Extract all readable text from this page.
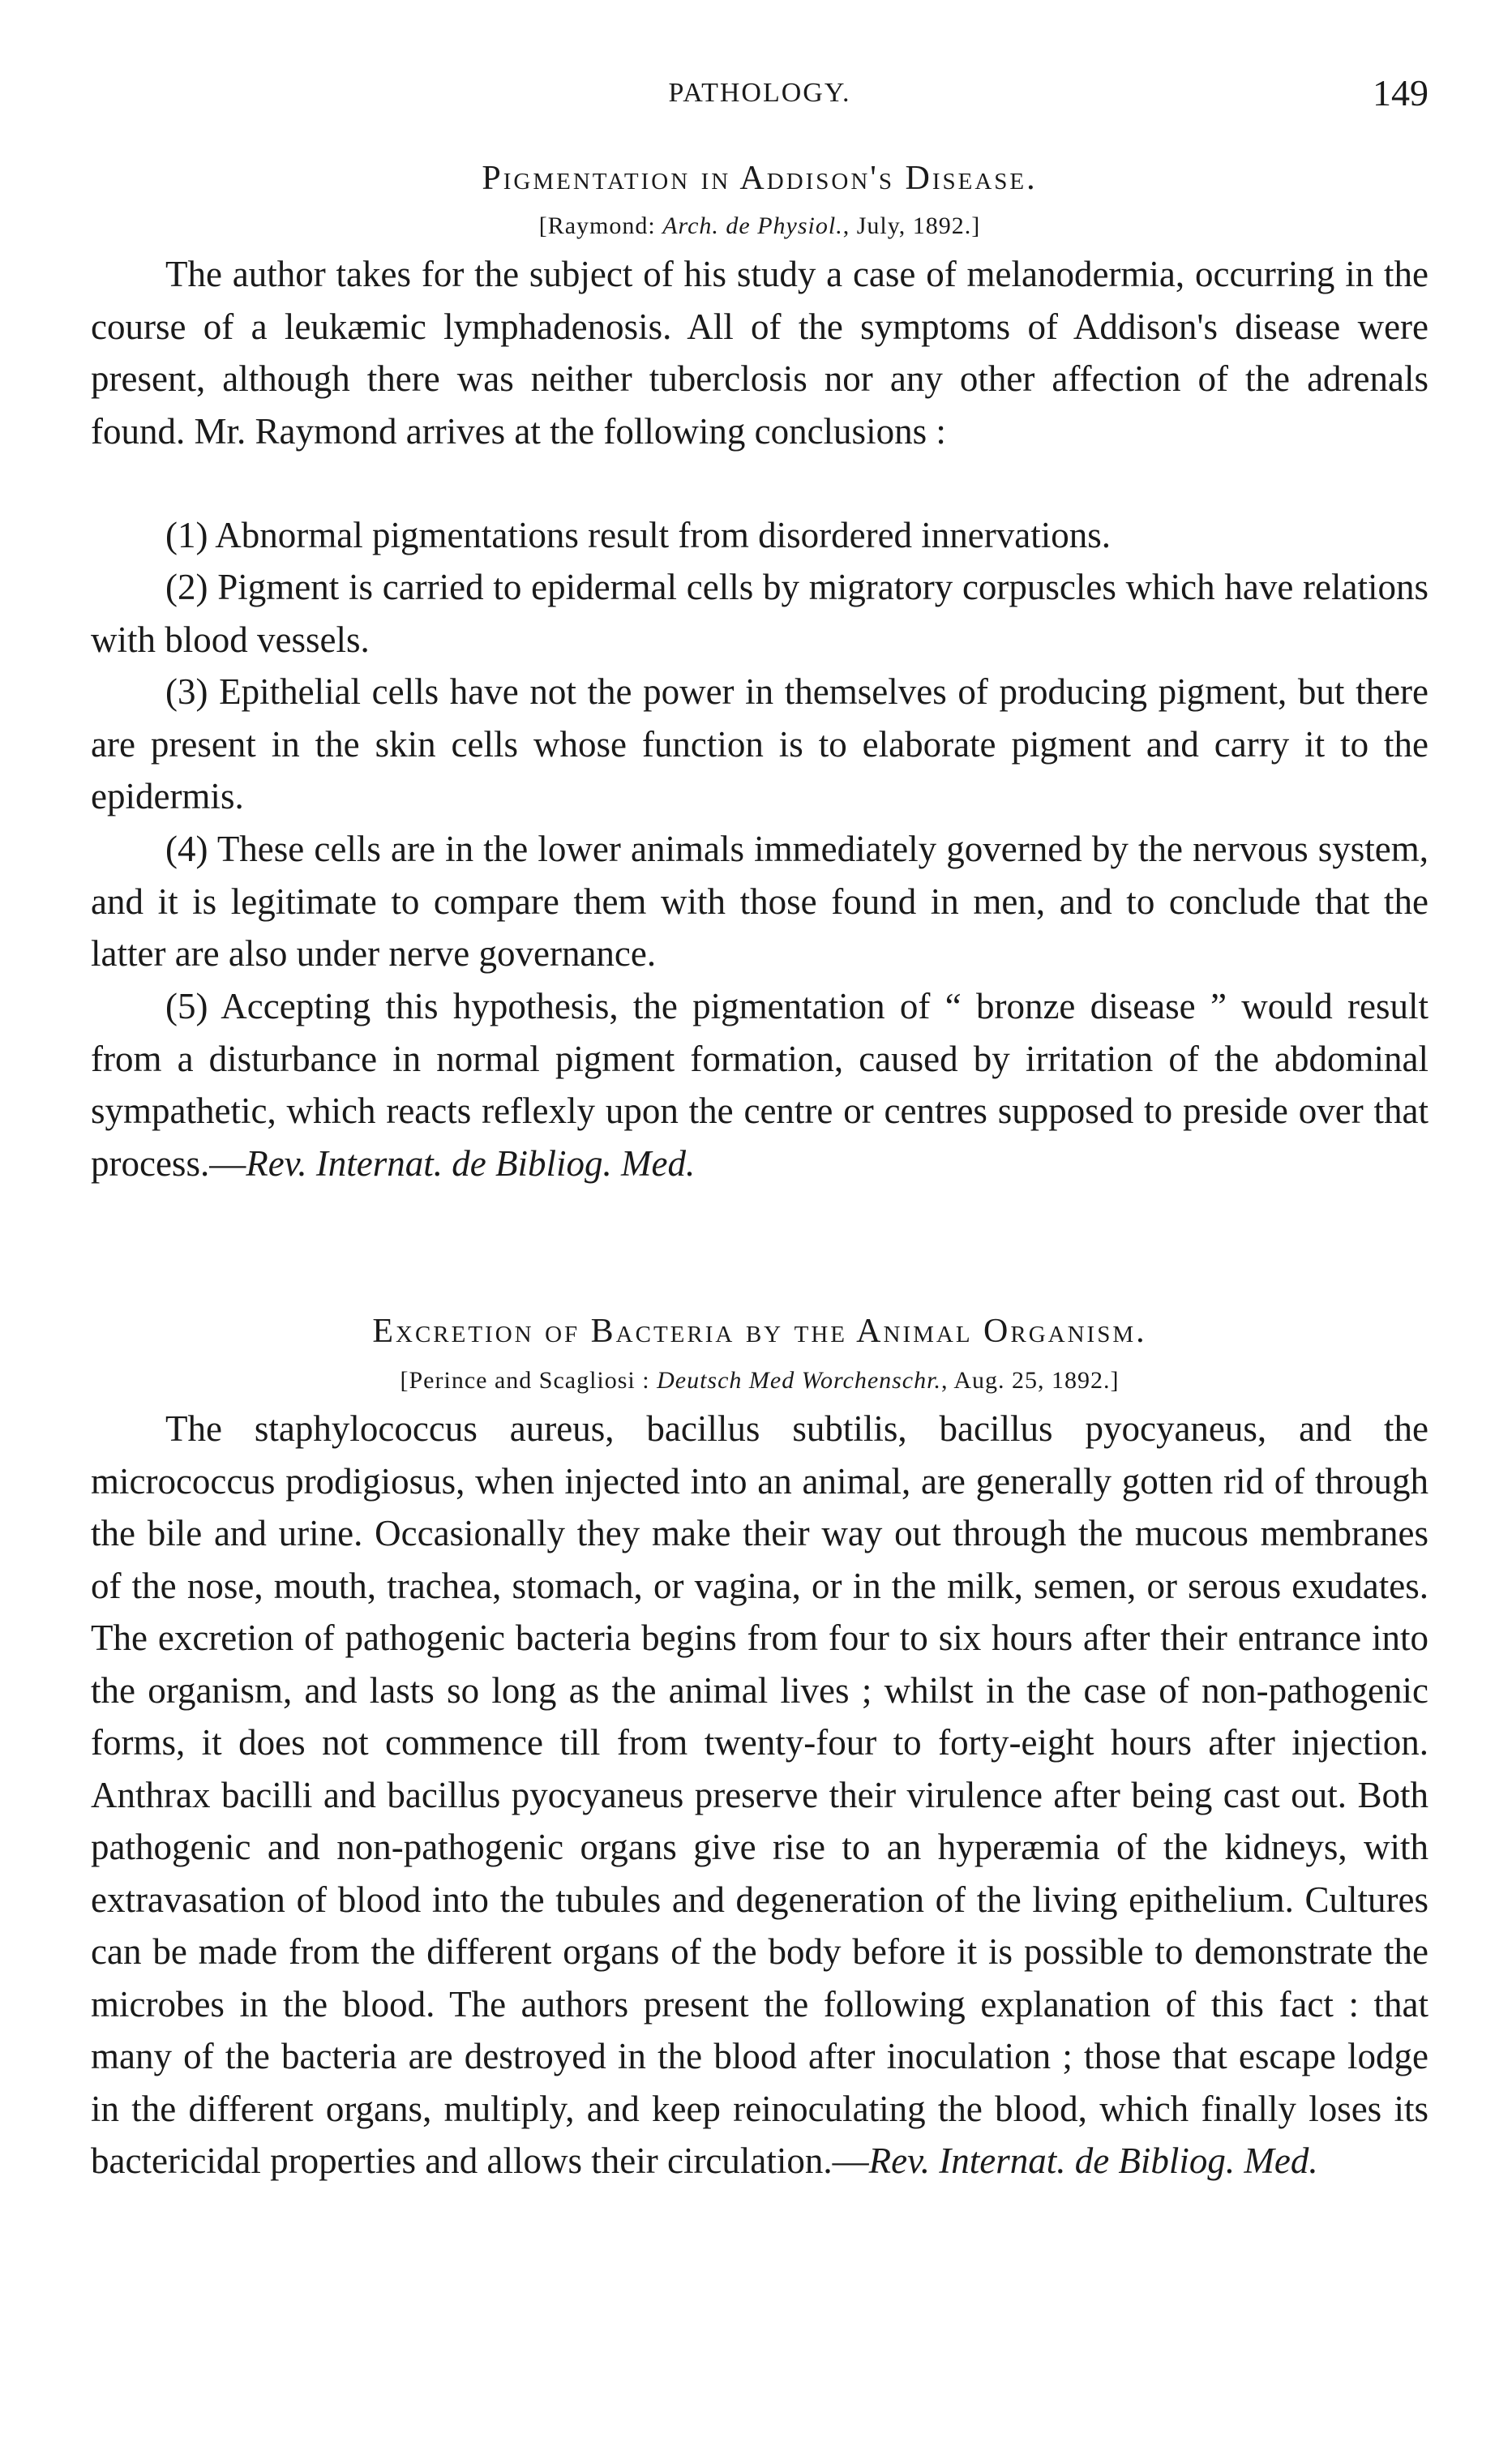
PATHOLOGY.	149
Pigmentation in Addison's Disease.
[Raymond: Arch. de Physiol., July, 1892.]

The author takes for the subject of his study a case of melanodermia, occurring in the course of a leukæmic lymphadenosis. All of the symptoms of Addison's disease were present, although there was neither tuberclosis nor any other affection of the adrenals found. Mr. Raymond arrives at the following conclusions :

(1) Abnormal pigmentations result from disordered innervations.

(2) Pigment is carried to epidermal cells by migratory corpuscles which have relations with blood vessels.

(3) Epithelial cells have not the power in themselves of producing pigment, but there are present in the skin cells whose function is to elaborate pigment and carry it to the epidermis.

(4) These cells are in the lower animals immediately governed by the nervous system, and it is legitimate to compare them with those found in men, and to conclude that the latter are also under nerve governance.

(5) Accepting this hypothesis, the pigmentation of “ bronze disease ” would result from a disturbance in normal pigment formation, caused by irritation of the abdominal sympathetic, which reacts reflexly upon the centre or centres supposed to preside over that process.—Rev. Internat. de Bibliog. Med.

Excretion of Bacteria by the Animal Organism.
[Perince and Scagliosi : Deutsch Med Worchenschr., Aug. 25, 1892.]

The staphylococcus aureus, bacillus subtilis, bacillus pyocyaneus, and the micrococcus prodigiosus, when injected into an animal, are generally gotten rid of through the bile and urine. Occasionally they make their way out through the mucous membranes of the nose, mouth, trachea, stomach, or vagina, or in the milk, semen, or serous exudates. The excretion of pathogenic bacteria begins from four to six hours after their entrance into the organism, and lasts so long as the animal lives ; whilst in the case of non-pathogenic forms, it does not commence till from twenty-four to forty-eight hours after injection. Anthrax bacilli and bacillus pyocyaneus preserve their virulence after being cast out. Both pathogenic and non-pathogenic organs give rise to an hyperæmia of the kidneys, with extravasation of blood into the tubules and degeneration of the living epithelium. Cultures can be made from the different organs of the body before it is possible to demonstrate the microbes in the blood. The authors present the following explanation of this fact : that many of the bacteria are destroyed in the blood after inoculation ; those that escape lodge in the different organs, multiply, and keep reinoculating the blood, which finally loses its bactericidal properties and allows their circulation.—Rev. Internat. de Bibliog. Med.
